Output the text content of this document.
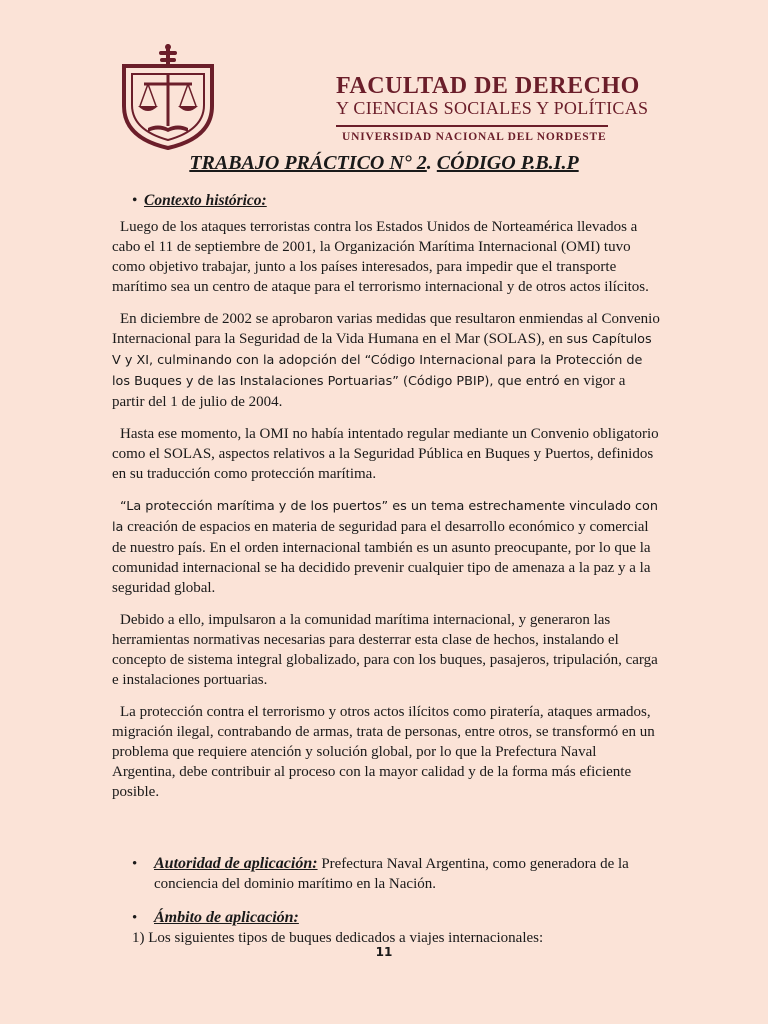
FACULTAD DE DERECHO
Y CIENCIAS SOCIALES Y POLÍTICAS
UNIVERSIDAD NACIONAL DEL NORDESTE
TRABAJO PRÁCTICO N° 2. CÓDIGO P.B.I.P
• Contexto histórico:

Luego de los ataques terroristas contra los Estados Unidos de Norteamérica llevados a cabo el 11 de septiembre de 2001, la Organización Marítima Internacional (OMI) tuvo como objetivo trabajar, junto a los países interesados, para impedir que el transporte marítimo sea un centro de ataque para el terrorismo internacional y de otros actos ilícitos.

En diciembre de 2002 se aprobaron varias medidas que resultaron enmiendas al Convenio Internacional para la Seguridad de la Vida Humana en el Mar (SOLAS), en sus Capítulos V y XI, culminando con la adopción del “Código Internacional para la Protección de los Buques y de las Instalaciones Portuarias” (Código PBIP), que entró en vigor a partir del 1 de julio de 2004.

Hasta ese momento, la OMI no había intentado regular mediante un Convenio obligatorio como el SOLAS, aspectos relativos a la Seguridad Pública en Buques y Puertos, definidos en su traducción como protección marítima.

“La protección marítima y de los puertos” es un tema estrechamente vinculado con la creación de espacios en materia de seguridad para el desarrollo económico y comercial de nuestro país. En el orden internacional también es un asunto preocupante, por lo que la comunidad internacional se ha decidido prevenir cualquier tipo de amenaza a la paz y a la seguridad global.

Debido a ello, impulsaron a la comunidad marítima internacional, y generaron las herramientas normativas necesarias para desterrar esta clase de hechos, instalando el concepto de sistema integral globalizado, para con los buques, pasajeros, tripulación, carga e instalaciones portuarias.

La protección contra el terrorismo y otros actos ilícitos como piratería, ataques armados, migración ilegal, contrabando de armas, trata de personas, entre otros, se transformó en un problema que requiere atención y solución global, por lo que la Prefectura Naval Argentina, debe contribuir al proceso con la mayor calidad y de la forma más eficiente posible.

• Autoridad de aplicación: Prefectura Naval Argentina, como generadora de la conciencia del dominio marítimo en la Nación.
• Ámbito de aplicación:
1) Los siguientes tipos de buques dedicados a viajes internacionales:
11
